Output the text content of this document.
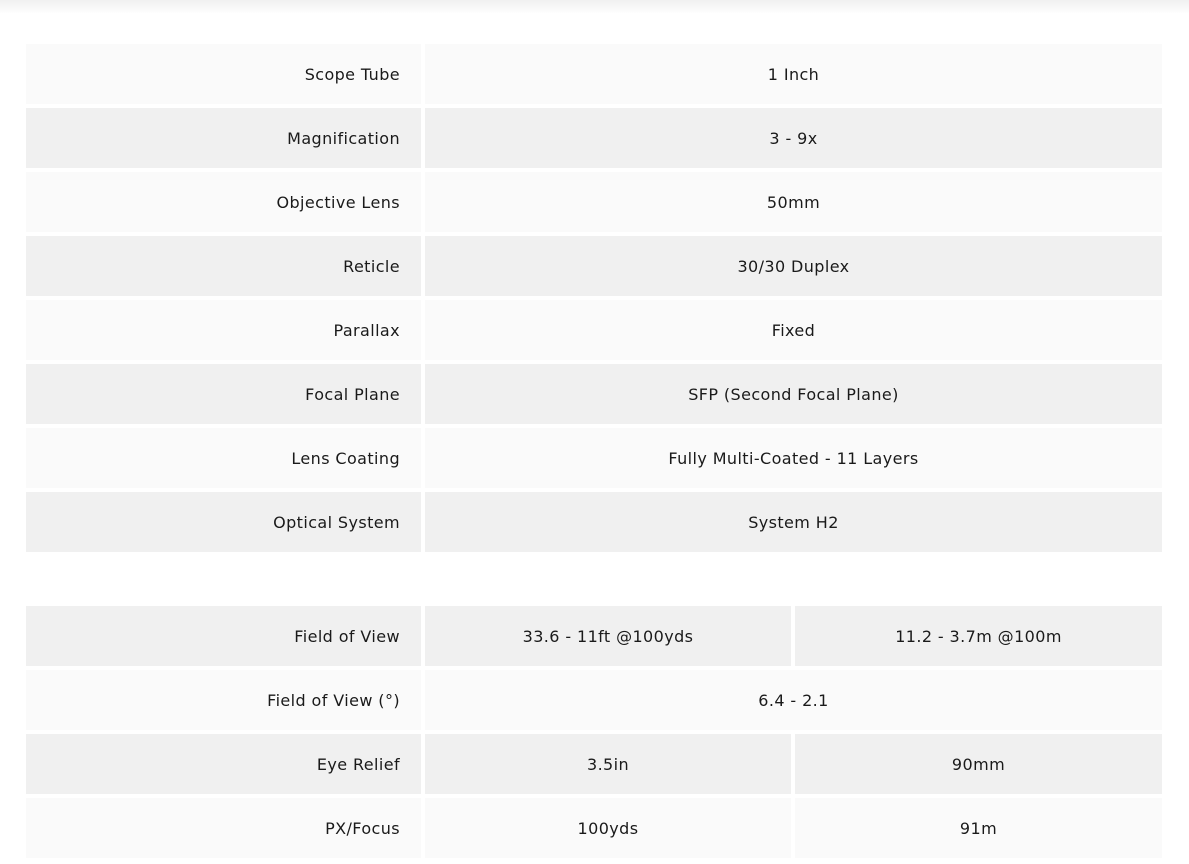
Scope Tube	1 Inch
Magnification	3 - 9x
Objective Lens	50mm
Reticle	30/30 Duplex
Parallax	Fixed
Focal Plane	SFP (Second Focal Plane)
Lens Coating	Fully Multi-Coated - 11 Layers
Optical System	System H2
Field of View	33.6 - 11ft @100yds	11.2 - 3.7m @100m
Field of View (°)	6.4 - 2.1	
Eye Relief	3.5in	90mm
PX/Focus	100yds	91m
